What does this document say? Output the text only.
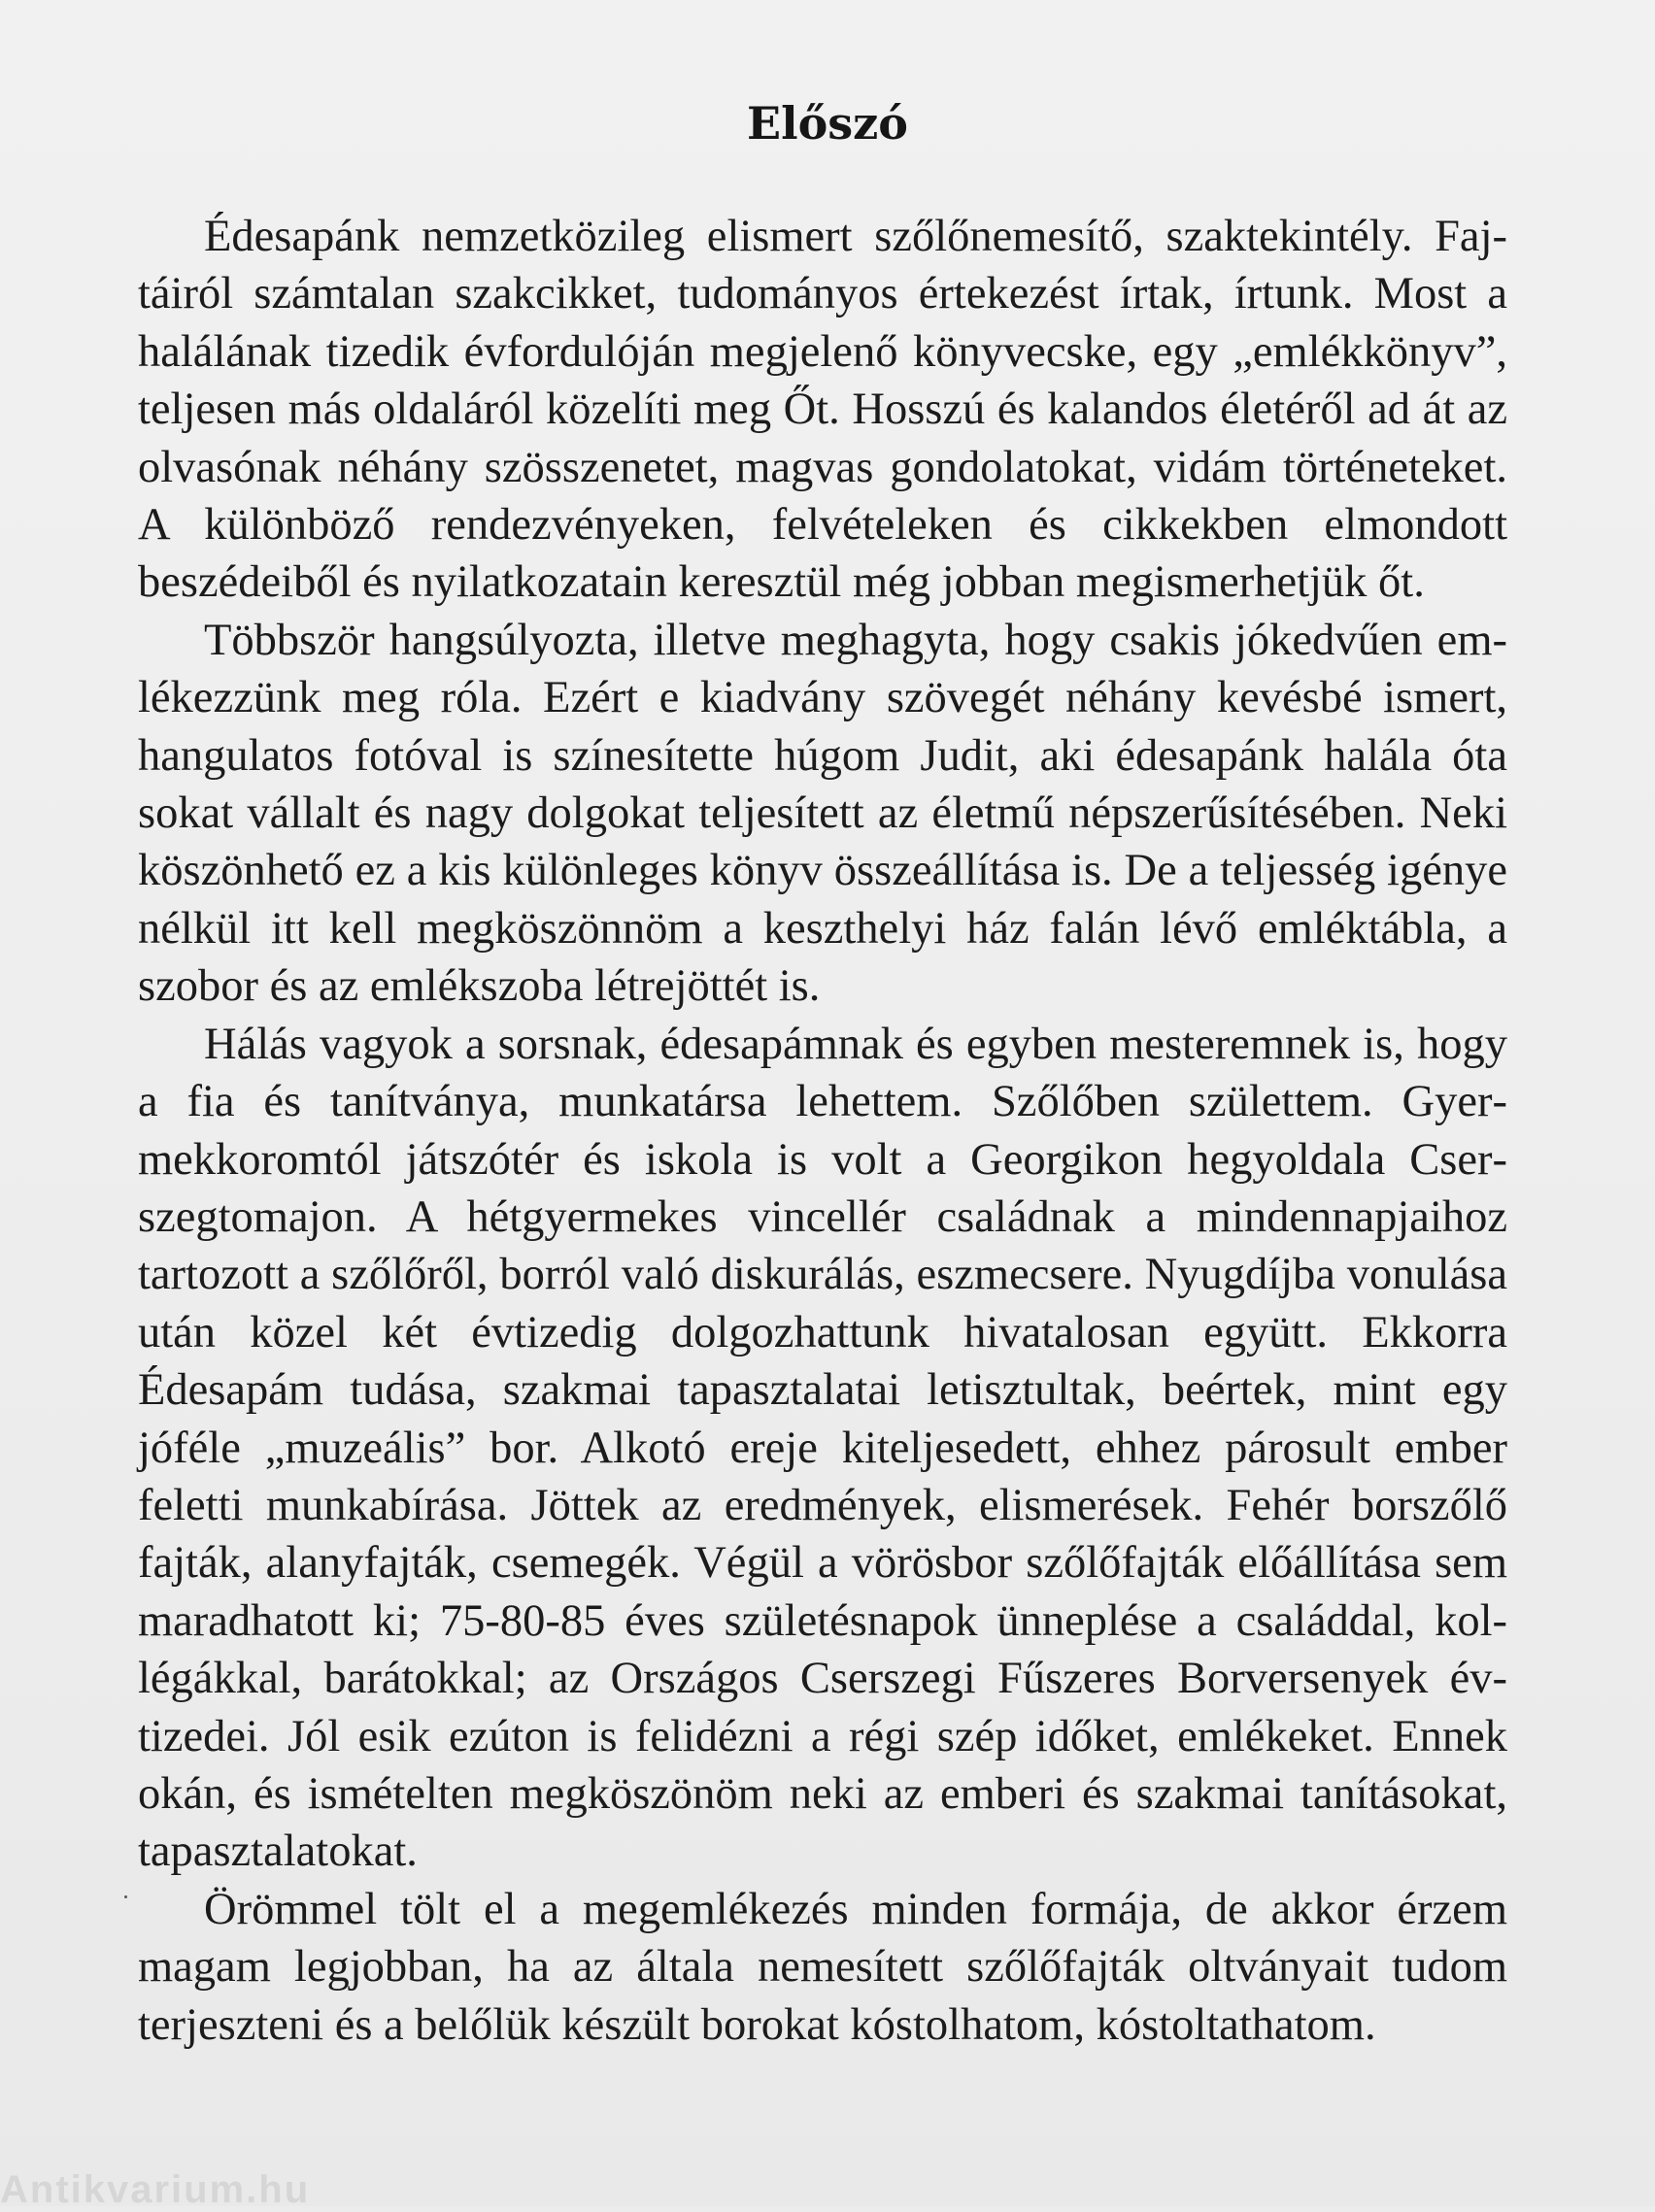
Előszó

Édesapánk nemzetközileg elismert szőlőnemesítő, szaktekintély. Fajtáiról számtalan szakcikket, tudományos értekezést írtak, írtunk. Most a halálának tizedik évfordulóján megjelenő könyvecske, egy „emlékkönyv”, teljesen más oldaláról közelíti meg Őt. Hosszú és kalandos életéről ad át az olvasónak néhány szösszenetet, magvas gondolatokat, vidám történeteket. A különböző rendezvényeken, felvételeken és cikkekben elmondott beszédeiből és nyilatkozatain keresztül még jobban megismerhetjük őt.

Többször hangsúlyozta, illetve meghagyta, hogy csakis jókedvűen emlékezzünk meg róla. Ezért e kiadvány szövegét néhány kevésbé ismert, hangulatos fotóval is színesítette húgom Judit, aki édesapánk halála óta sokat vállalt és nagy dolgokat teljesített az életmű népszerűsítésében. Neki köszönhető ez a kis különleges könyv összeállítása is. De a teljesség igénye nélkül itt kell megköszönnöm a keszthelyi ház falán lévő emléktábla, a szobor és az emlékszoba létrejöttét is.

Hálás vagyok a sorsnak, édesapámnak és egyben mesteremnek is, hogy a fia és tanítványa, munkatársa lehettem. Szőlőben születtem. Gyermekkoromtól játszótér és iskola is volt a Georgikon hegyoldala Cserszegtomajon. A hétgyermekes vincellér családnak a mindennapjaihoz tartozott a szőlőről, borról való diskurálás, eszmecsere. Nyugdíjba vonulása után közel két évtizedig dolgozhattunk hivatalosan együtt. Ekkorra Édesapám tudása, szakmai tapasztalatai letisztultak, beértek, mint egy jóféle „muzeális” bor. Alkotó ereje kiteljesedett, ehhez párosult ember feletti munkabírása. Jöttek az eredmények, elismerések. Fehér borszőlő fajták, alanyfajták, csemegék. Végül a vörösbor szőlőfajták előállítása sem maradhatott ki; 75-80-85 éves születésnapok ünneplése a családdal, kollégákkal, barátokkal; az Országos Cserszegi Fűszeres Borversenyek évtizedei. Jól esik ezúton is felidézni a régi szép időket, emlékeket. Ennek okán, és ismételten megköszönöm neki az emberi és szakmai tanításokat, tapasztalatokat.

Örömmel tölt el a megemlékezés minden formája, de akkor érzem magam legjobban, ha az általa nemesített szőlőfajták oltványait tudom terjeszteni és a belőlük készült borokat kóstolhatom, kóstoltathatom.

Antikvarium.hu
